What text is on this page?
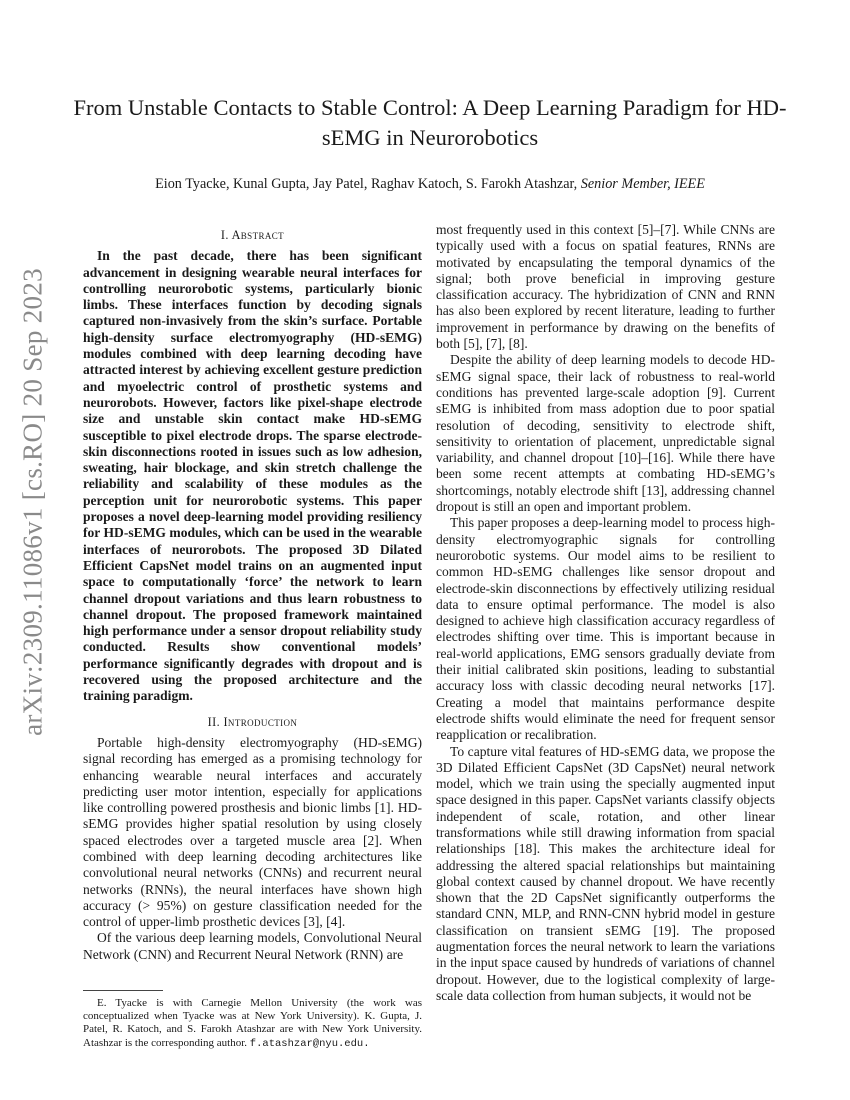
arXiv:2309.11086v1 [cs.RO] 20 Sep 2023
From Unstable Contacts to Stable Control: A Deep Learning Paradigm for HD-sEMG in Neurorobotics

Eion Tyacke, Kunal Gupta, Jay Patel, Raghav Katoch, S. Farokh Atashzar, Senior Member, IEEE

I. Abstract

In the past decade, there has been significant advancement in designing wearable neural interfaces for controlling neurorobotic systems, particularly bionic limbs. These interfaces function by decoding signals captured non-invasively from the skin’s surface. Portable high-density surface electromyography (HD-sEMG) modules combined with deep learning decoding have attracted interest by achieving excellent gesture prediction and myoelectric control of prosthetic systems and neurorobots. However, factors like pixel-shape electrode size and unstable skin contact make HD-sEMG susceptible to pixel electrode drops. The sparse electrode-skin disconnections rooted in issues such as low adhesion, sweating, hair blockage, and skin stretch challenge the reliability and scalability of these modules as the perception unit for neurorobotic systems. This paper proposes a novel deep-learning model providing resiliency for HD-sEMG modules, which can be used in the wearable interfaces of neurorobots. The proposed 3D Dilated Efficient CapsNet model trains on an augmented input space to computationally ‘force’ the network to learn channel dropout variations and thus learn robustness to channel dropout. The proposed framework maintained high performance under a sensor dropout reliability study conducted. Results show conventional models’ performance significantly degrades with dropout and is recovered using the proposed architecture and the training paradigm.

II. Introduction

Portable high-density electromyography (HD-sEMG) signal recording has emerged as a promising technology for enhancing wearable neural interfaces and accurately predicting user motor intention, especially for applications like controlling powered prosthesis and bionic limbs [1]. HD-sEMG provides higher spatial resolution by using closely spaced electrodes over a targeted muscle area [2]. When combined with deep learning decoding architectures like convolutional neural networks (CNNs) and recurrent neural networks (RNNs), the neural interfaces have shown high accuracy (> 95%) on gesture classification needed for the control of upper-limb prosthetic devices [3], [4].

Of the various deep learning models, Convolutional Neural Network (CNN) and Recurrent Neural Network (RNN) are

E. Tyacke is with Carnegie Mellon University (the work was conceptualized when Tyacke was at New York University). K. Gupta, J. Patel, R. Katoch, and S. Farokh Atashzar are with New York University. Atashzar is the corresponding author. f.atashzar@nyu.edu.

most frequently used in this context [5]–[7]. While CNNs are typically used with a focus on spatial features, RNNs are motivated by encapsulating the temporal dynamics of the signal; both prove beneficial in improving gesture classification accuracy. The hybridization of CNN and RNN has also been explored by recent literature, leading to further improvement in performance by drawing on the benefits of both [5], [7], [8].

Despite the ability of deep learning models to decode HD-sEMG signal space, their lack of robustness to real-world conditions has prevented large-scale adoption [9]. Current sEMG is inhibited from mass adoption due to poor spatial resolution of decoding, sensitivity to electrode shift, sensitivity to orientation of placement, unpredictable signal variability, and channel dropout [10]–[16]. While there have been some recent attempts at combating HD-sEMG’s shortcomings, notably electrode shift [13], addressing channel dropout is still an open and important problem.

This paper proposes a deep-learning model to process high-density electromyographic signals for controlling neurorobotic systems. Our model aims to be resilient to common HD-sEMG challenges like sensor dropout and electrode-skin disconnections by effectively utilizing residual data to ensure optimal performance. The model is also designed to achieve high classification accuracy regardless of electrodes shifting over time. This is important because in real-world applications, EMG sensors gradually deviate from their initial calibrated skin positions, leading to substantial accuracy loss with classic decoding neural networks [17]. Creating a model that maintains performance despite electrode shifts would eliminate the need for frequent sensor reapplication or recalibration.

To capture vital features of HD-sEMG data, we propose the 3D Dilated Efficient CapsNet (3D CapsNet) neural network model, which we train using the specially augmented input space designed in this paper. CapsNet variants classify objects independent of scale, rotation, and other linear transformations while still drawing information from spacial relationships [18]. This makes the architecture ideal for addressing the altered spacial relationships but maintaining global context caused by channel dropout. We have recently shown that the 2D CapsNet significantly outperforms the standard CNN, MLP, and RNN-CNN hybrid model in gesture classification on transient sEMG [19]. The proposed augmentation forces the neural network to learn the variations in the input space caused by hundreds of variations of channel dropout. However, due to the logistical complexity of large-scale data collection from human subjects, it would not be
